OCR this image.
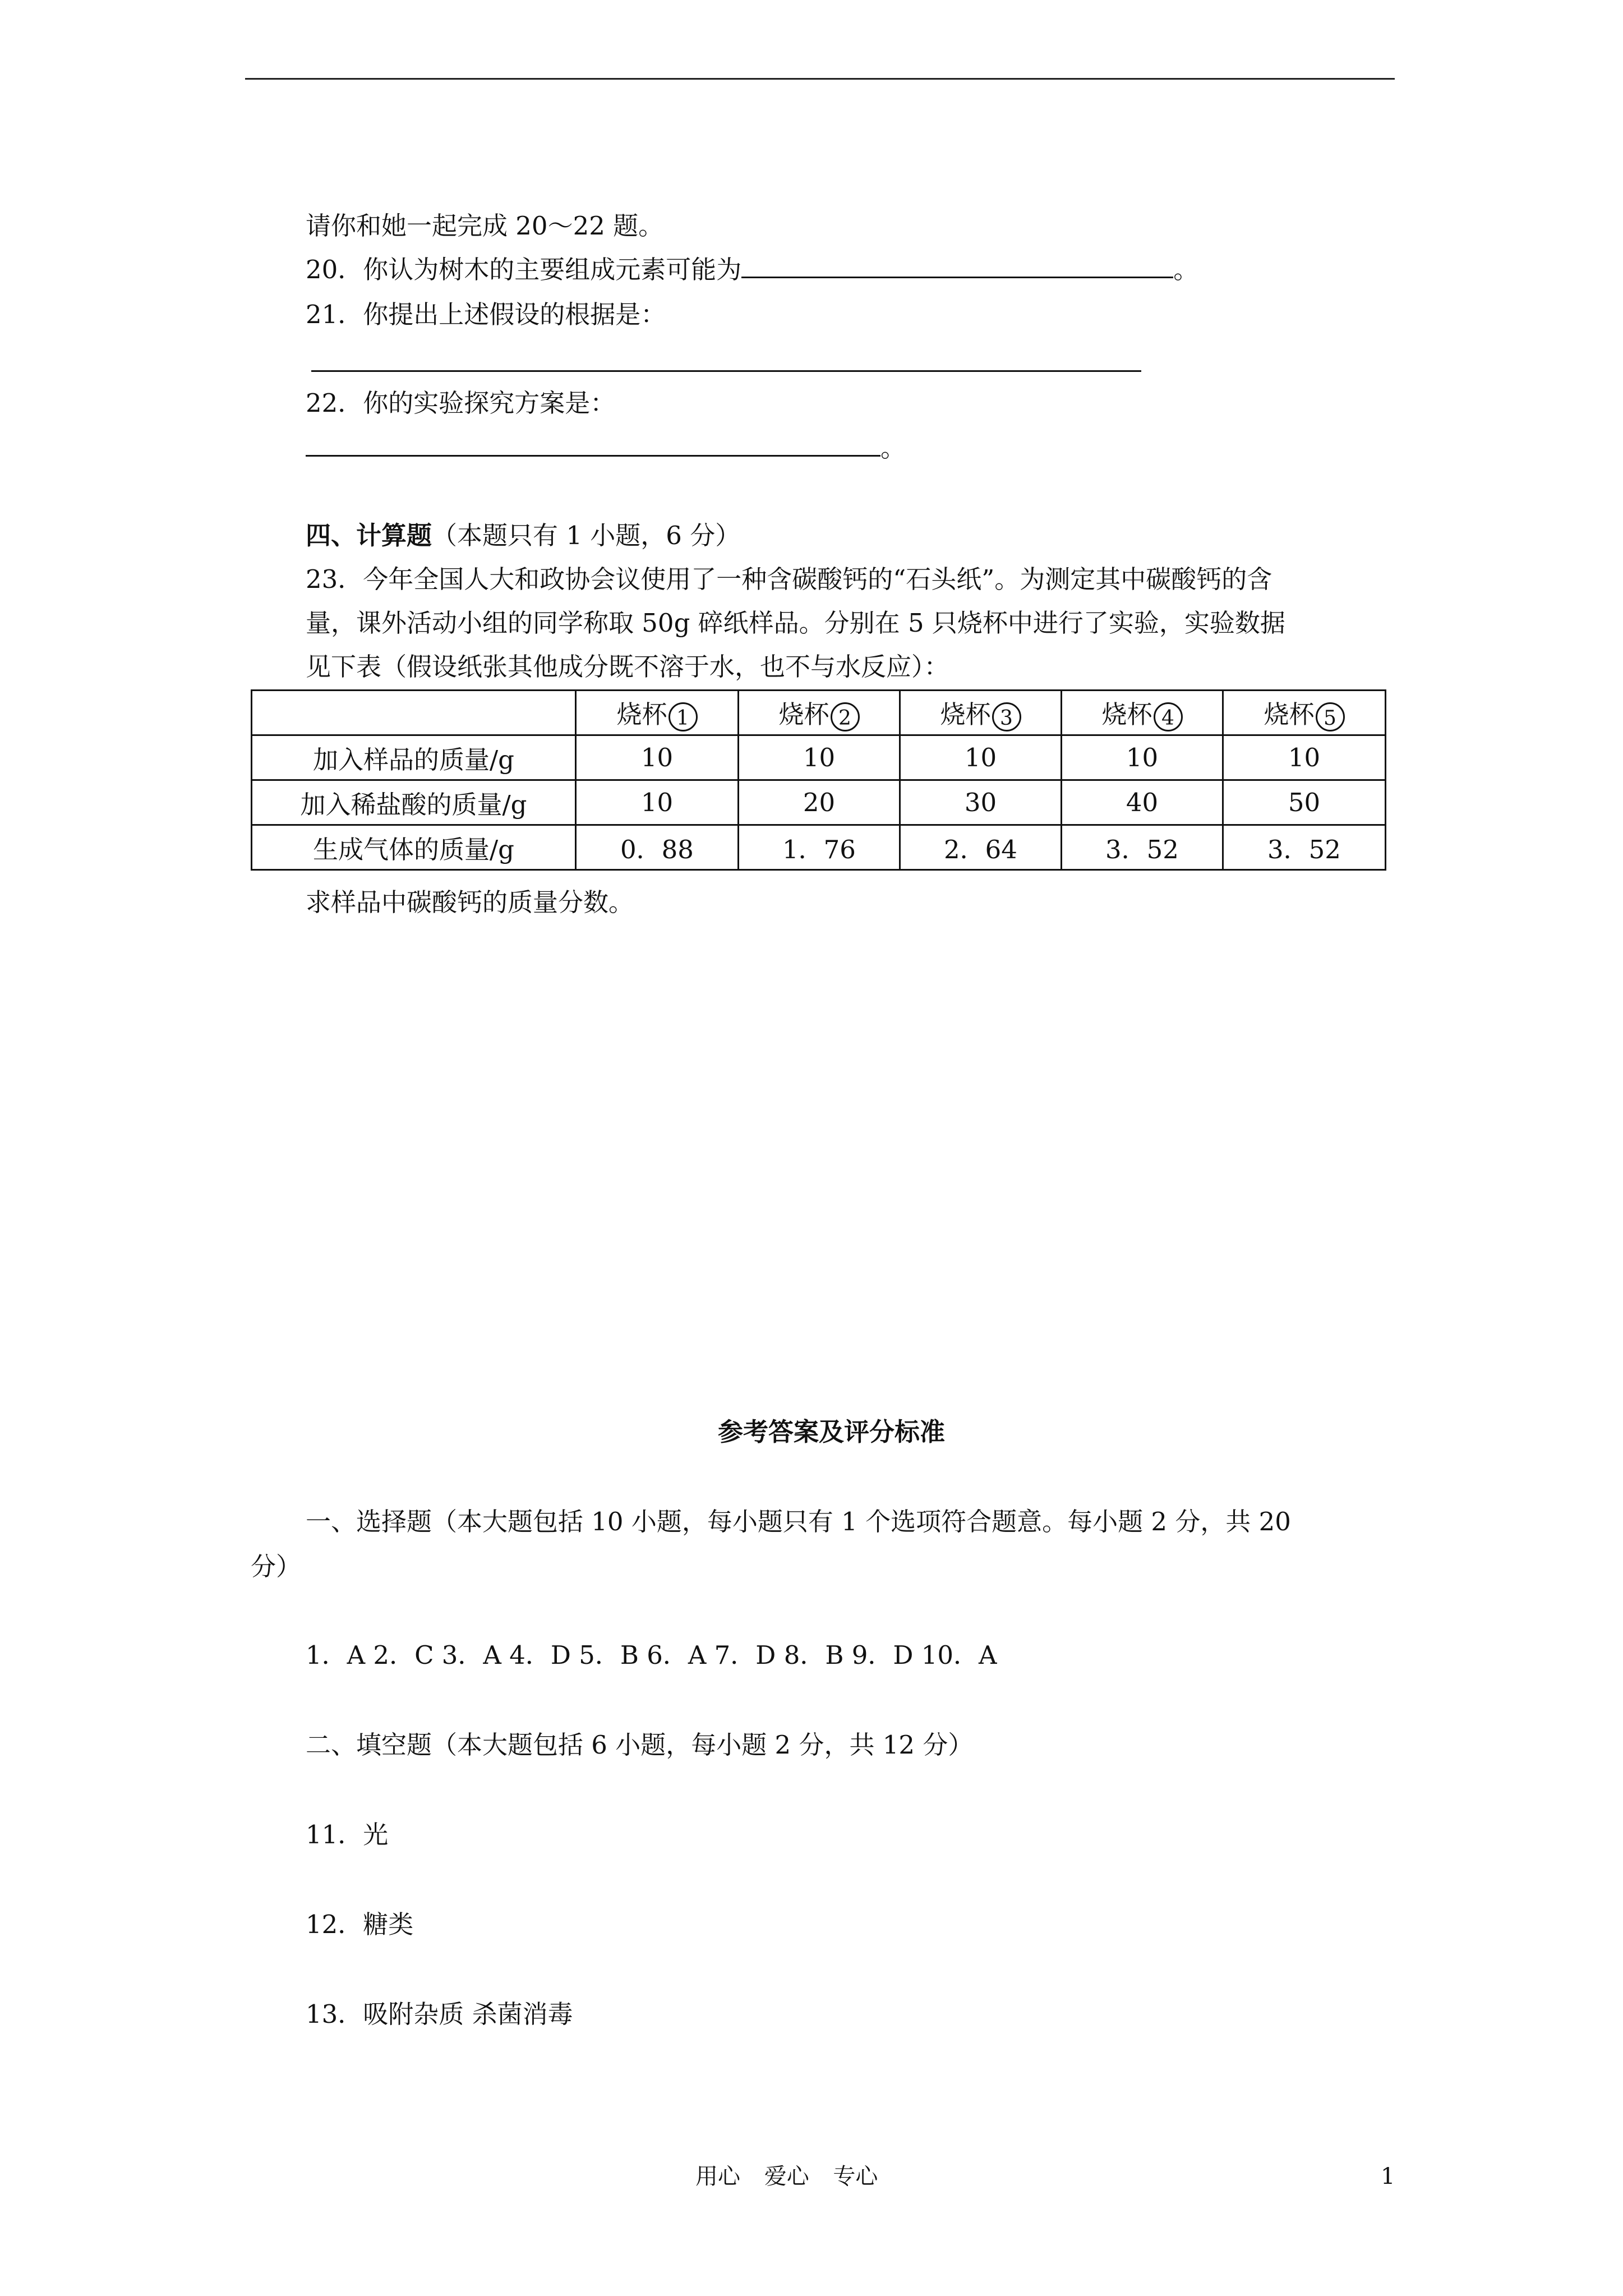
请你和她一起完成 20～22 题。
20．你认为树木的主要组成元素可能为	。
21．你提出上述假设的根据是：
22．你的实验探究方案是：
。
四、计算题（本题只有 1 小题，6 分）
23．今年全国人大和政协会议使用了一种含碳酸钙的“石头纸”。为测定其中碳酸钙的含
量，课外活动小组的同学称取 50g 碎纸样品。分别在 5 只烧杯中进行了实验，实验数据
见下表（假设纸张其他成分既不溶于水，也不与水反应）：
	烧杯 1	烧杯 2	烧杯 3	烧杯 4	烧杯 5
加入样品的质量/g	10	10	10	10	10
加入稀盐酸的质量/g	10	20	30	40	50
生成气体的质量/g	0．88	1．76	2．64	3．52	3．52
求样品中碳酸钙的质量分数。
参考答案及评分标准
一、选择题（本大题包括 10 小题，每小题只有 1 个选项符合题意。每小题 2 分，共 20
分）
1．A 2．C 3．A 4．D 5．B 6．A 7．D 8．B 9．D 10．A
二、填空题（本大题包括 6 小题，每小题 2 分，共 12 分）
11．光
12．糖类
13．吸附杂质 杀菌消毒
用心 爱心 专心	1
